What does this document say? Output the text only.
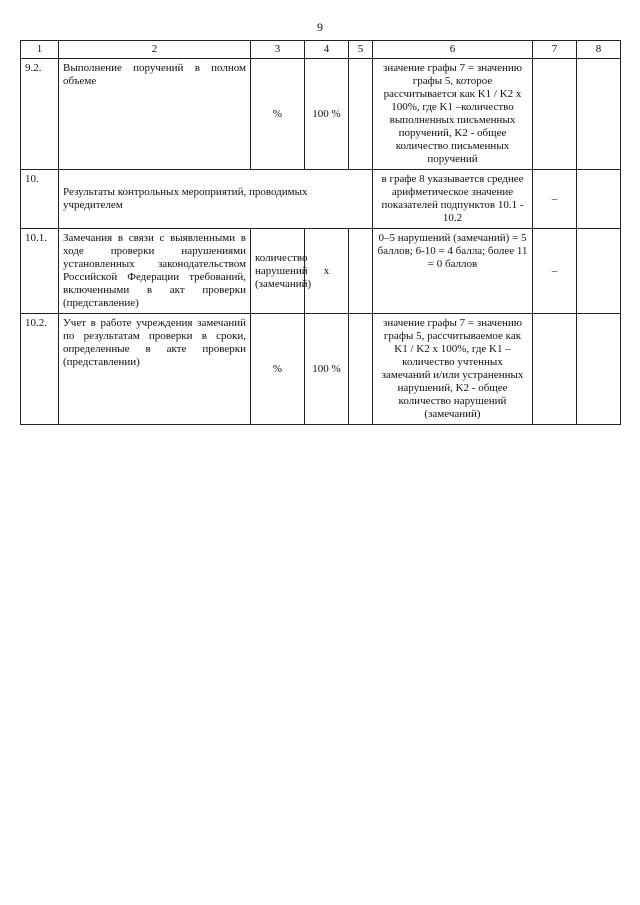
9
1	2	3	4	5	6	7	8
9.2.	Выполнение поручений в полном объеме	%	100 %		значение графы 7 = значению графы 5, которое рассчитывается как K1 / K2 x 100%, где K1 –количество выполненных письменных поручений, K2 - общее количество письменных поручений		
10.	Результаты контрольных мероприятий, проводимых учредителем				в графе 8 указывается среднее арифметическое значение показателей подпунктов 10.1 - 10.2	–	
10.1.	Замечания в связи с выявленными в ходе проверки нарушениями установленных законодательством Российской Федерации требований, включенными в акт проверки (представление)	количество нарушений (замечаний)	x		0–5 нарушений (замечаний) = 5 баллов; 6-10 = 4 балла; более 11 = 0 баллов	–	
10.2.	Учет в работе учреждения замечаний по результатам проверки в сроки, определенные в акте проверки (представлении)	%	100 %		значение графы 7 = значению графы 5, рассчитываемое как K1 / K2 x 100%, где K1 – количество учтенных замечаний и/или устраненных нарушений, K2 - общее количество нарушений (замечаний)		
